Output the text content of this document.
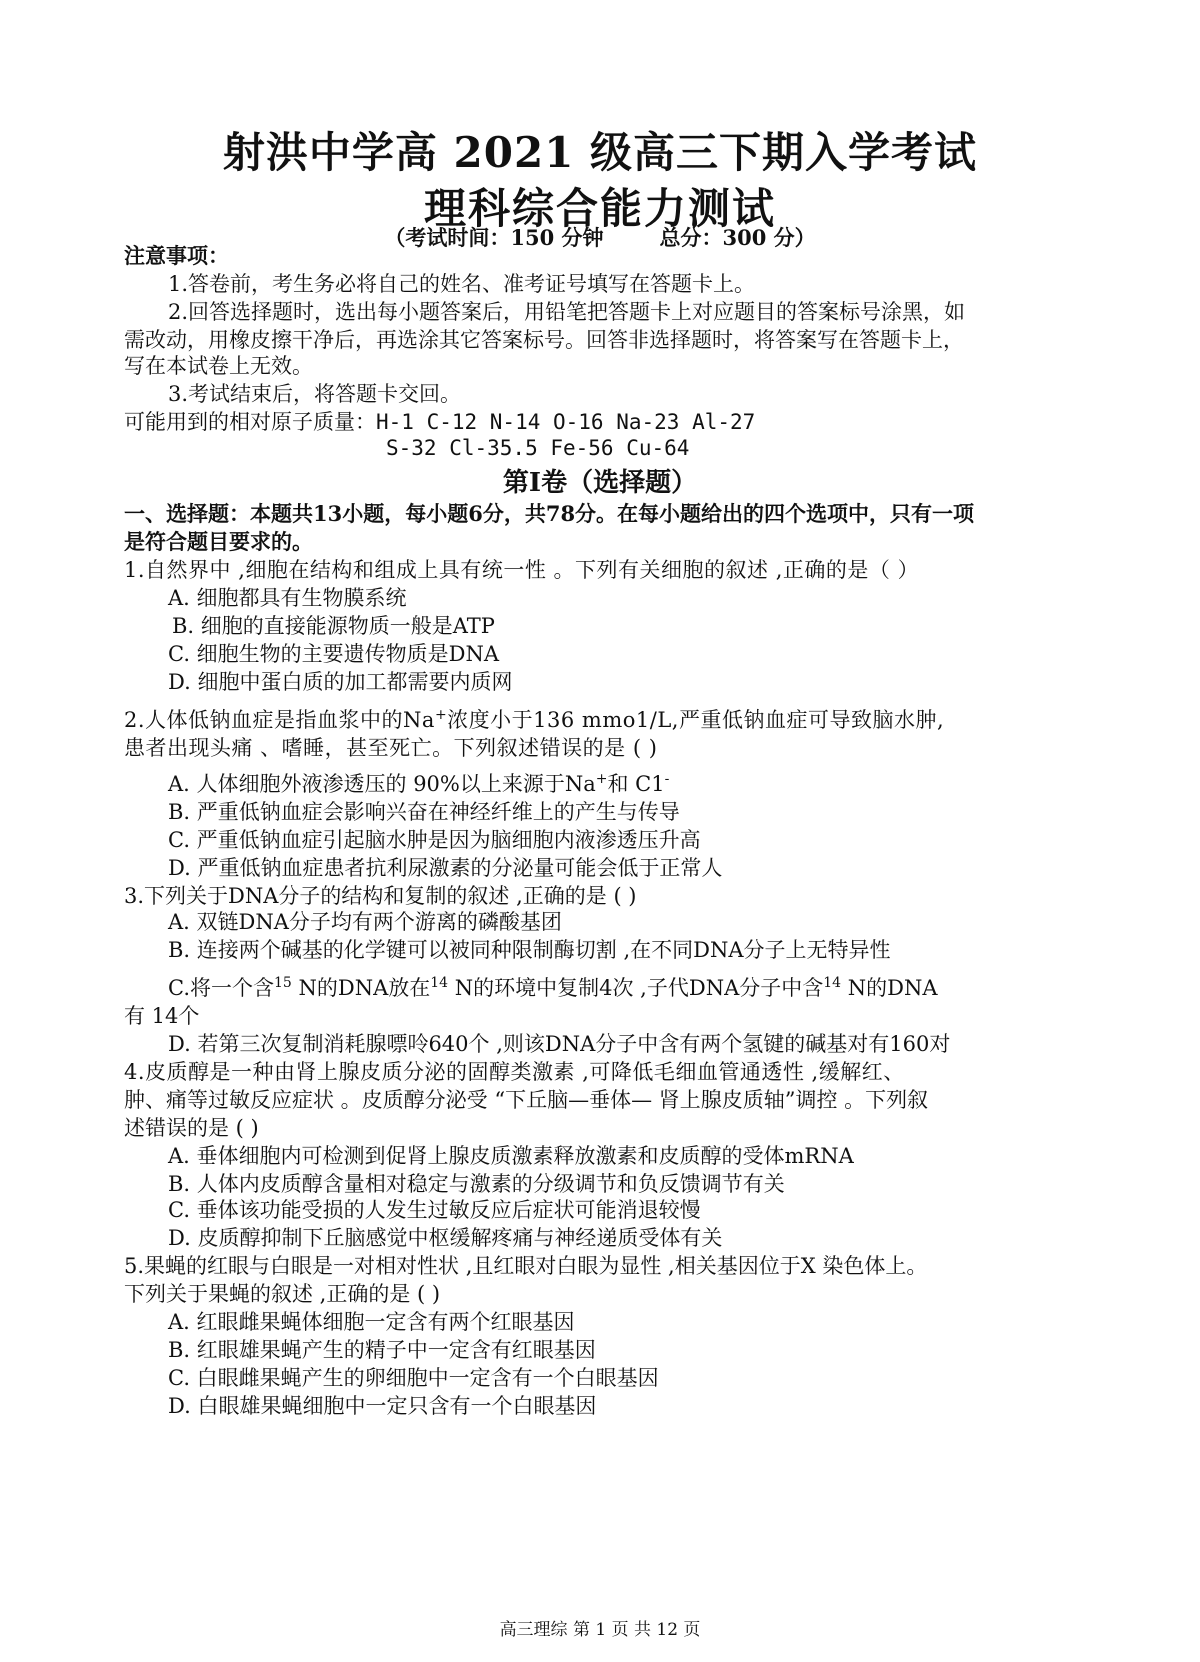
射洪中学高 2021 级高三下期入学考试
理科综合能力测试
（考试时间：150 分钟	总分：300 分）
注意事项：
1.答卷前，考生务必将自己的姓名、准考证号填写在答题卡上。
2.回答选择题时，选出每小题答案后，用铅笔把答题卡上对应题目的答案标号涂黑，如
需改动，用橡皮擦干净后，再选涂其它答案标号。回答非选择题时，将答案写在答题卡上，
写在本试卷上无效。
3.考试结束后，将答题卡交回。
可能用到的相对原子质量：H-1 C-12 N-14 O-16 Na-23 Al-27
S-32 Cl-35.5 Fe-56 Cu-64
第Ⅰ卷（选择题）
一、选择题：本题共13小题，每小题6分，共78分。在每小题给出的四个选项中，只有一项
是符合题目要求的。
1.自然界中 ,细胞在结构和组成上具有统一性 。下列有关细胞的叙述 ,正确的是（ ）
A. 细胞都具有生物膜系统
B. 细胞的直接能源物质一般是ATP
C. 细胞生物的主要遗传物质是DNA
D. 细胞中蛋白质的加工都需要内质网
2.人体低钠血症是指血浆中的Na+浓度小于136 mmo1/L,严重低钠血症可导致脑水肿,
患者出现头痛 、嗜睡，甚至死亡。下列叙述错误的是 ( )
A. 人体细胞外液渗透压的 90%以上来源于Na+和 C1-
B. 严重低钠血症会影响兴奋在神经纤维上的产生与传导
C. 严重低钠血症引起脑水肿是因为脑细胞内液渗透压升高
D. 严重低钠血症患者抗利尿激素的分泌量可能会低于正常人
3.下列关于DNA分子的结构和复制的叙述 ,正确的是 ( )
A. 双链DNA分子均有两个游离的磷酸基团
B. 连接两个碱基的化学键可以被同种限制酶切割 ,在不同DNA分子上无特异性
C.将一个含$^{15}$ N的DNA放在$^{14}$ N的环境中复制4次 ,子代DNA分子中含$^{14}$ N的DNA
有 14个
D. 若第三次复制消耗腺嘌呤640个 ,则该DNA分子中含有两个氢键的碱基对有160对
4.皮质醇是一种由肾上腺皮质分泌的固醇类激素 ,可降低毛细血管通透性 ,缓解红、
肿、痛等过敏反应症状 。皮质醇分泌受 “下丘脑—垂体— 肾上腺皮质轴”调控 。下列叙
述错误的是 ( )
A. 垂体细胞内可检测到促肾上腺皮质激素释放激素和皮质醇的受体mRNA
B. 人体内皮质醇含量相对稳定与激素的分级调节和负反馈调节有关
C. 垂体该功能受损的人发生过敏反应后症状可能消退较慢
D. 皮质醇抑制下丘脑感觉中枢缓解疼痛与神经递质受体有关
5.果蝇的红眼与白眼是一对相对性状 ,且红眼对白眼为显性 ,相关基因位于X 染色体上。
下列关于果蝇的叙述 ,正确的是 ( )
A. 红眼雌果蝇体细胞一定含有两个红眼基因
B. 红眼雄果蝇产生的精子中一定含有红眼基因
C. 白眼雌果蝇产生的卵细胞中一定含有一个白眼基因
D. 白眼雄果蝇细胞中一定只含有一个白眼基因
高三理综 第 1 页 共 12 页
